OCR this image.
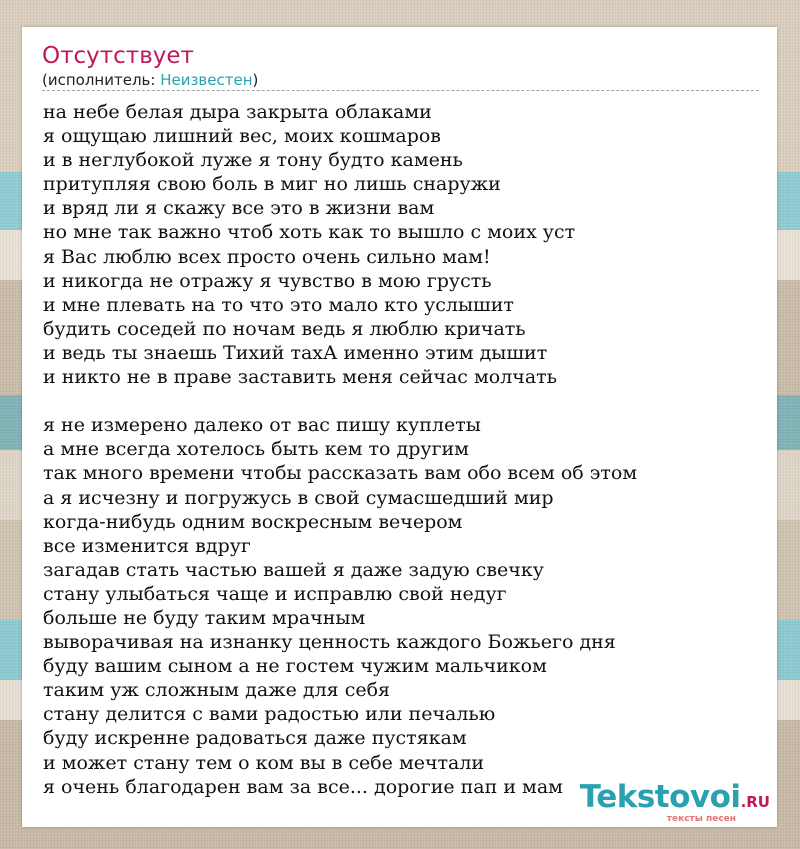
Отсутствует
(исполнитель: Неизвестен)
на небе белая дыра закрыта облаками
я ощущаю лишний вес, моих кошмаров
и в неглубокой луже я тону будто камень
притупляя свою боль в миг но лишь снаружи
и вряд ли я скажу все это в жизни вам
но мне так важно чтоб хоть как то вышло с моих уст
я Вас люблю всех просто очень сильно мам!
и никогда не отражу я чувство в мою грусть
и мне плевать на то что это мало кто услышит
будить соседей по ночам ведь я люблю кричать
и ведь ты знаешь Тихий тахА именно этим дышит
и никто не в праве заставить меня сейчас молчать
я не измерено далеко от вас пишу куплеты
а мне всегда хотелось быть кем то другим
так много времени чтобы рассказать вам обо всем об этом
а я исчезну и погружусь в свой сумасшедший мир
когда-нибудь одним воскресным вечером
все изменится вдруг
загадав стать частью вашей я даже задую свечку
стану улыбаться чаще и исправлю свой недуг
больше не буду таким мрачным
выворачивая на изнанку ценность каждого Божьего дня
буду вашим сыном а не гостем чужим мальчиком
таким уж сложным даже для себя
стану делится с вами радостью или печалью
буду искренне радоваться даже пустякам
и может стану тем о ком вы в себе мечтали
я очень благодарен вам за все... дорогие пап и мам Tekstovoi.RU
тексты песен
